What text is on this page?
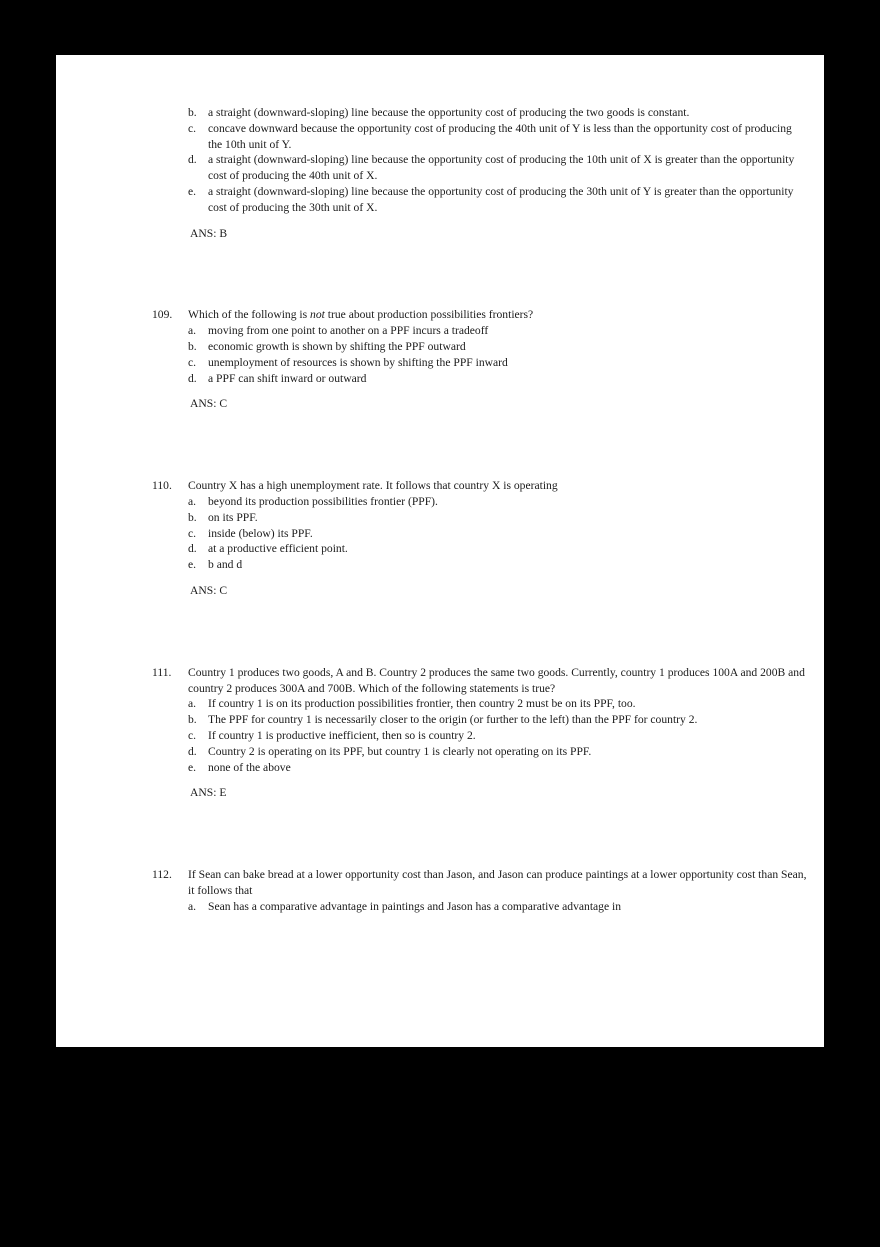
b. a straight (downward-sloping) line because the opportunity cost of producing the two goods is constant.
c.	concave downward because the opportunity cost of producing the 40th unit of Y is less than the opportunity cost of producing the 10th unit of Y.
d. a straight (downward-sloping) line because the opportunity cost of producing the 10th unit of X is greater than the opportunity cost of producing the 40th unit of X.
e.	a straight (downward-sloping) line because the opportunity cost of producing the 30th unit of Y is greater than the opportunity cost of producing the 30th unit of X.
ANS: B
109.	Which of the following is not true about production possibilities frontiers?

a.	moving from one point to another on a PPF incurs a tradeoff
b. economic growth is shown by shifting the PPF outward
c.	unemployment of resources is shown by shifting the PPF inward
d. a PPF can shift inward or outward
ANS: C
110.	Country X has a high unemployment rate. It follows that country X is operating

a.	beyond its production possibilities frontier (PPF).
b. on its PPF.
c.	inside (below) its PPF.
d. at a productive efficient point.
e.	b and d
ANS: C
111.	Country 1 produces two goods, A and B. Country 2 produces the same two goods. Currently, country 1 produces 100A and 200B and country 2 produces 300A and 700B. Which of the following statements is true?

a.	If country 1 is on its production possibilities frontier, then country 2 must be on its PPF, too.
b. The PPF for country 1 is necessarily closer to the origin (or further to the left) than the PPF for country 2.
c.	If country 1 is productive inefficient, then so is country 2.
d. Country 2 is operating on its PPF, but country 1 is clearly not operating on its PPF.
e.	none of the above
ANS: E
112.	If Sean can bake bread at a lower opportunity cost than Jason, and Jason can produce paintings at a lower opportunity cost than Sean, it follows that

a.	Sean has a comparative advantage in paintings and Jason has a comparative advantage in
